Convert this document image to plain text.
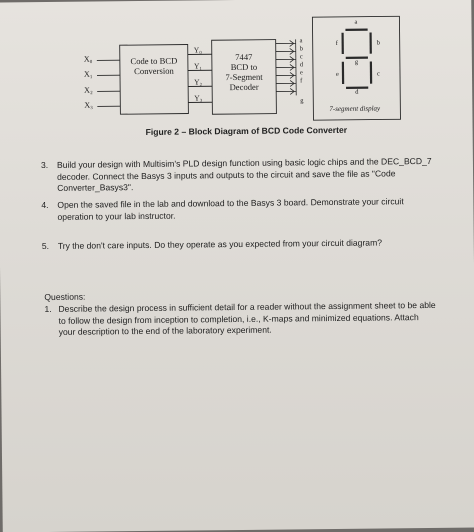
X₀
X₁
X₂
X₃
Code to BCD
Conversion
Y₀
Y₁
Y₂
Y₃
7447
BCD to
7-Segment
Decoder
a
b
c
d
e
f
g
a
b
c
d
e
f
g
7-segment display
Figure 2 – Block Diagram of BCD Code Converter
3. Build your design with Multisim's PLD design function using basic logic chips and the DEC_BCD_7
decoder. Connect the Basys 3 inputs and outputs to the circuit and save the file as "Code
Converter_Basys3".
4. Open the saved file in the lab and download to the Basys 3 board. Demonstrate your circuit
operation to your lab instructor.
5. Try the don't care inputs. Do they operate as you expected from your circuit diagram?
Questions:
1. Describe the design process in sufficient detail for a reader without the assignment sheet to be able
to follow the design from inception to completion, i.e., K-maps and minimized equations. Attach
your description to the end of the laboratory experiment.
